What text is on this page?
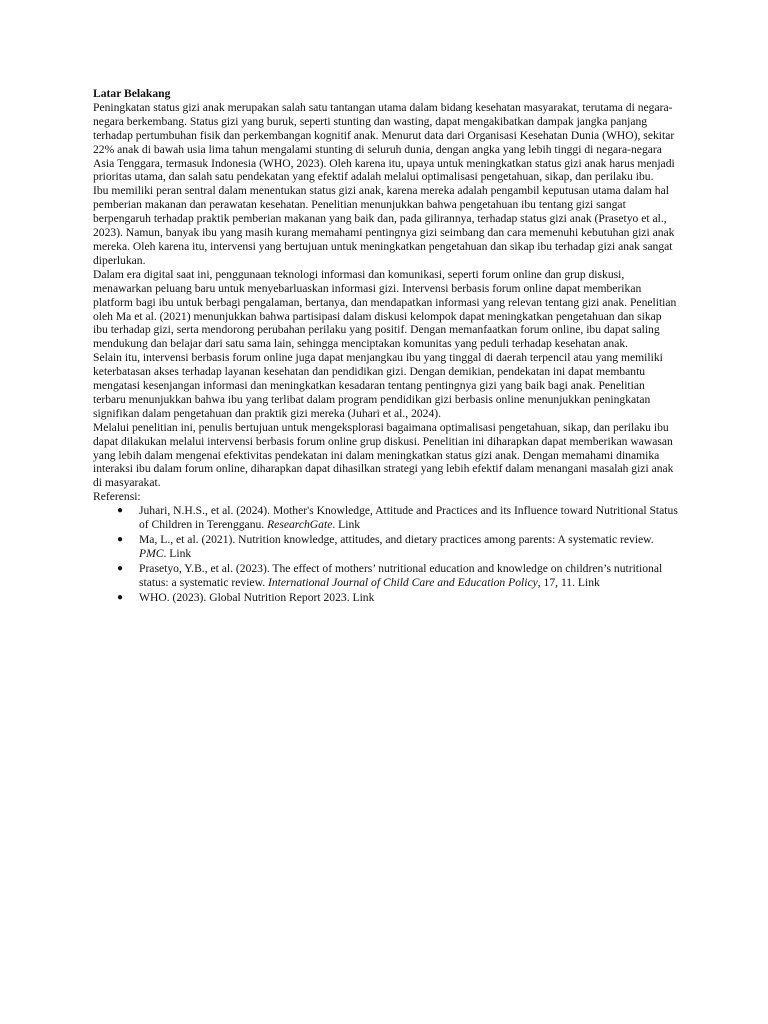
Latar Belakang

Peningkatan status gizi anak merupakan salah satu tantangan utama dalam bidang kesehatan masyarakat, terutama di negara-negara berkembang. Status gizi yang buruk, seperti stunting dan wasting, dapat mengakibatkan dampak jangka panjang terhadap pertumbuhan fisik dan perkembangan kognitif anak. Menurut data dari Organisasi Kesehatan Dunia (WHO), sekitar 22% anak di bawah usia lima tahun mengalami stunting di seluruh dunia, dengan angka yang lebih tinggi di negara-negara Asia Tenggara, termasuk Indonesia (WHO, 2023). Oleh karena itu, upaya untuk meningkatkan status gizi anak harus menjadi prioritas utama, dan salah satu pendekatan yang efektif adalah melalui optimalisasi pengetahuan, sikap, dan perilaku ibu.

Ibu memiliki peran sentral dalam menentukan status gizi anak, karena mereka adalah pengambil keputusan utama dalam hal pemberian makanan dan perawatan kesehatan. Penelitian menunjukkan bahwa pengetahuan ibu tentang gizi sangat berpengaruh terhadap praktik pemberian makanan yang baik dan, pada gilirannya, terhadap status gizi anak (Prasetyo et al., 2023). Namun, banyak ibu yang masih kurang memahami pentingnya gizi seimbang dan cara memenuhi kebutuhan gizi anak mereka. Oleh karena itu, intervensi yang bertujuan untuk meningkatkan pengetahuan dan sikap ibu terhadap gizi anak sangat diperlukan.

Dalam era digital saat ini, penggunaan teknologi informasi dan komunikasi, seperti forum online dan grup diskusi, menawarkan peluang baru untuk menyebarluaskan informasi gizi. Intervensi berbasis forum online dapat memberikan platform bagi ibu untuk berbagi pengalaman, bertanya, dan mendapatkan informasi yang relevan tentang gizi anak. Penelitian oleh Ma et al. (2021) menunjukkan bahwa partisipasi dalam diskusi kelompok dapat meningkatkan pengetahuan dan sikap ibu terhadap gizi, serta mendorong perubahan perilaku yang positif. Dengan memanfaatkan forum online, ibu dapat saling mendukung dan belajar dari satu sama lain, sehingga menciptakan komunitas yang peduli terhadap kesehatan anak.

Selain itu, intervensi berbasis forum online juga dapat menjangkau ibu yang tinggal di daerah terpencil atau yang memiliki keterbatasan akses terhadap layanan kesehatan dan pendidikan gizi. Dengan demikian, pendekatan ini dapat membantu mengatasi kesenjangan informasi dan meningkatkan kesadaran tentang pentingnya gizi yang baik bagi anak. Penelitian terbaru menunjukkan bahwa ibu yang terlibat dalam program pendidikan gizi berbasis online menunjukkan peningkatan signifikan dalam pengetahuan dan praktik gizi mereka (Juhari et al., 2024).

Melalui penelitian ini, penulis bertujuan untuk mengeksplorasi bagaimana optimalisasi pengetahuan, sikap, dan perilaku ibu dapat dilakukan melalui intervensi berbasis forum online grup diskusi. Penelitian ini diharapkan dapat memberikan wawasan yang lebih dalam mengenai efektivitas pendekatan ini dalam meningkatkan status gizi anak. Dengan memahami dinamika interaksi ibu dalam forum online, diharapkan dapat dihasilkan strategi yang lebih efektif dalam menangani masalah gizi anak di masyarakat.

Referensi:

● Juhari, N.H.S., et al. (2024). Mother's Knowledge, Attitude and Practices and its Influence toward Nutritional Status of Children in Terengganu. ResearchGate. Link
● Ma, L., et al. (2021). Nutrition knowledge, attitudes, and dietary practices among parents: A systematic review. PMC. Link
● Prasetyo, Y.B., et al. (2023). The effect of mothers’ nutritional education and knowledge on children’s nutritional status: a systematic review. International Journal of Child Care and Education Policy, 17, 11. Link
● WHO. (2023). Global Nutrition Report 2023. Link
